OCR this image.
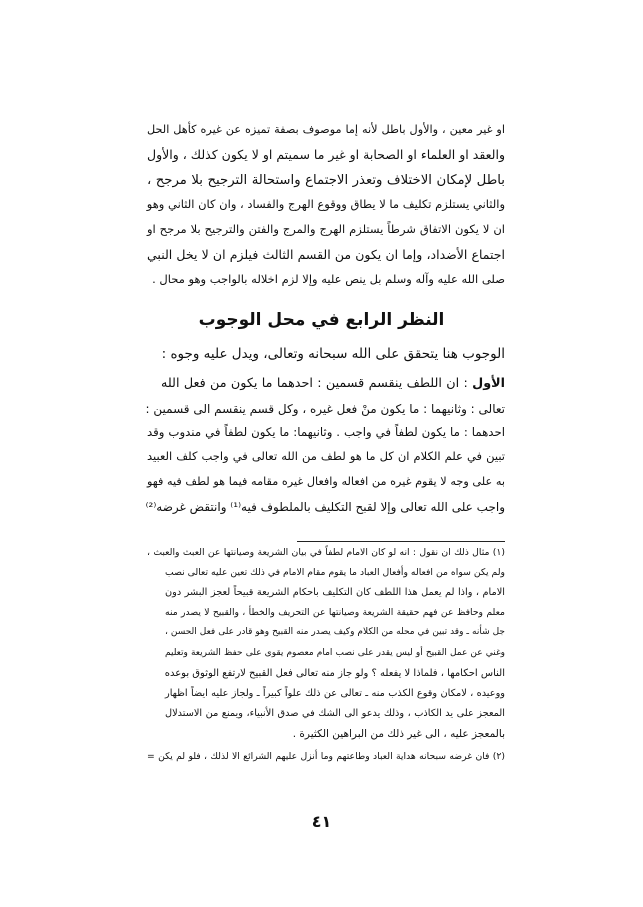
او غير معين ، والأول باطل لأنه إما موصوف بصفة تميزه عن غيره كأهل الحل
والعقد او العلماء او الصحابة او غير ما سميتم او لا يكون كذلك ، والأول
باطل لإمكان الاختلاف وتعذر الاجتماع واستحالة الترجيح بلا مرجح ،
والثاني يستلزم تكليف ما لا يطاق ووقوع الهرج والفساد ، وان كان الثاني وهو
ان لا يكون الاتفاق شرطاً يستلزم الهرج والمرج والفتن والترجيح بلا مرجح او
اجتماع الأضداد، وإما ان يكون من القسم الثالث فيلزم ان لا يخل النبي
صلى الله عليه وآله وسلم بل ينص عليه وإلا لزم اخلاله بالواجب وهو محال .
النظر الرابع في محل الوجوب
الوجوب هنا يتحقق على الله سبحانه وتعالى، ويدل عليه وجوه :
الأول : ان اللطف ينقسم قسمين : احدهما ما يكون من فعل الله
تعالى : وثانيهما : ما يكون منْ فعل غيره ، وكل قسم ينقسم الى قسمين :
احدهما : ما يكون لطفاً في واجب . وثانيهما: ما يكون لطفاً في مندوب وقد
تبين في علم الكلام ان كل ما هو لطف من الله تعالى في واجب كلف العبيد
به على وجه لا يقوم غيره من افعاله وافعال غيره مقامه فيما هو لطف فيه فهو
واجب على الله تعالى وإلا لقبح التكليف بالملطوف فيه⁽¹⁾ وانتقض غرضه⁽²⁾
(١) مثال ذلك ان نقول : انه لو كان الامام لطفاً في بيان الشريعة وصيانتها عن العبث والعبث ،
ولم يكن سواه من افعاله وأفعال العباد ما يقوم مقام الامام في ذلك تعين عليه تعالى نصب
الامام ، واذا لم يعمل هذا اللطف كان التكليف باحكام الشريعة قبيحاً لعجز البشر دون
معلم وحافظ عن فهم حقيقة الشريعة وصيانتها عن التحريف والخطأ ، والقبيح لا يصدر منه
جل شأنه ـ وقد تبين في محله من الكلام وكيف يصدر منه القبيح وهو قادر على فعل الحسن ،
وغني عن عمل القبيح أو ليس يقدر على نصب امام معصوم يقوى على حفظ الشريعة وتعليم
الناس احكامها ، فلماذا لا يفعله ؟ ولو جاز منه تعالى فعل القبيح لارتفع الوثوق بوعده
ووعيده ، لامكان وقوع الكذب منه ـ تعالى عن ذلك علواً كبيراً ـ ولجاز عليه ايضاً اظهار
المعجز على يد الكاذب ، وذلك يدعو الى الشك في صدق الأنبياء، ويمنع من الاستدلال
بالمعجز عليه ، الى غير ذلك من البراهين الكثيرة .
(٢) فان غرضه سبحانه هداية العباد وطاعتهم وما أنزل عليهم الشرائع الا لذلك ، فلو لم يكن =
٤١
